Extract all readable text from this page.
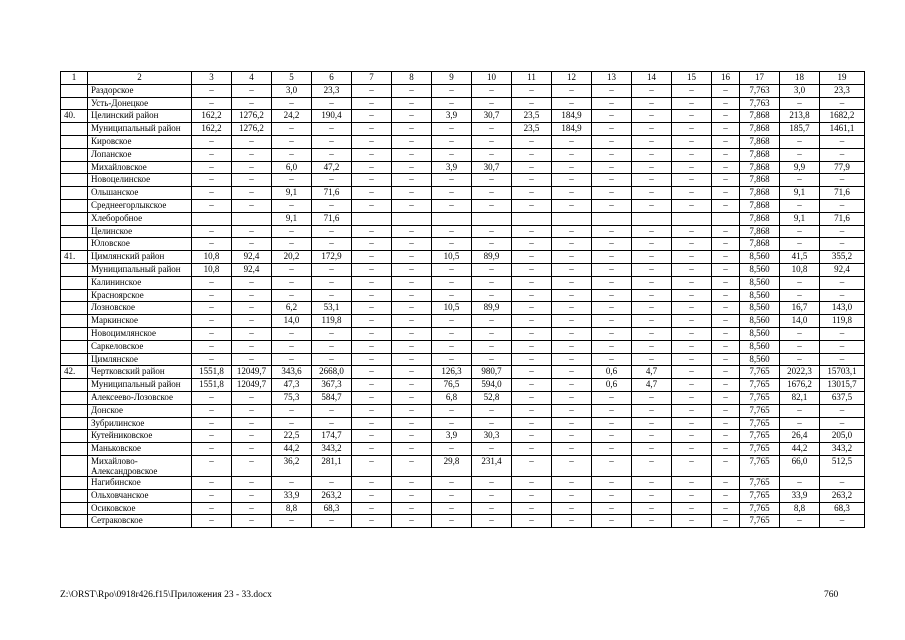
1	2	3	4	5	6	7	8	9	10	11	12	13	14	15	16	17	18	19
	Раздорское	–	–	3,0	23,3	–	–	–	–	–	–	–	–	–	–	7,763	3,0	23,3
	Усть-Донецкое	–	–	–	–	–	–	–	–	–	–	–	–	–	–	7,763	–	–
40.	Целинский район	162,2	1276,2	24,2	190,4	–	–	3,9	30,7	23,5	184,9	–	–	–	–	7,868	213,8	1682,2
	Муниципальный район	162,2	1276,2	–	–	–	–	–	–	23,5	184,9	–	–	–	–	7,868	185,7	1461,1
	Кировское	–	–	–	–	–	–	–	–	–	–	–	–	–	–	7,868	–	–
	Лопанское	–	–	–	–	–	–	–	–	–	–	–	–	–	–	7,868	–	–
	Михайловское	–	–	6,0	47,2	–	–	3,9	30,7	–	–	–	–	–	–	7,868	9,9	77,9
	Новоцелинское	–	–	–	–	–	–	–	–	–	–	–	–	–	–	7,868	–	–
	Ольшанское	–	–	9,1	71,6	–	–	–	–	–	–	–	–	–	–	7,868	9,1	71,6
	Среднеегорлыкское	–	–	–	–	–	–	–	–	–	–	–	–	–	–	7,868	–	–
	Хлеборобное			9,1	71,6											7,868	9,1	71,6
	Целинское	–	–	–	–	–	–	–	–	–	–	–	–	–	–	7,868	–	–
	Юловское	–	–	–	–	–	–	–	–	–	–	–	–	–	–	7,868	–	–
41.	Цимлянский район	10,8	92,4	20,2	172,9	–	–	10,5	89,9	–	–	–	–	–	–	8,560	41,5	355,2
	Муниципальный район	10,8	92,4	–	–	–	–	–	–	–	–	–	–	–	–	8,560	10,8	92,4
	Калининское	–	–	–	–	–	–	–	–	–	–	–	–	–	–	8,560	–	–
	Красноярское	–	–	–	–	–	–	–	–	–	–	–	–	–	–	8,560	–	–
	Лозновское	–	–	6,2	53,1	–	–	10,5	89,9	–	–	–	–	–	–	8,560	16,7	143,0
	Маркинское	–	–	14,0	119,8	–	–	–	–	–	–	–	–	–	–	8,560	14,0	119,8
	Новоцимлянское	–	–	–	–	–	–	–	–	–	–	–	–	–	–	8,560	–	–
	Саркеловское	–	–	–	–	–	–	–	–	–	–	–	–	–	–	8,560	–	–
	Цимлянское	–	–	–	–	–	–	–	–	–	–	–	–	–	–	8,560	–	–
42.	Чертковский район	1551,8	12049,7	343,6	2668,0	–	–	126,3	980,7	–	–	0,6	4,7	–	–	7,765	2022,3	15703,1
	Муниципальный район	1551,8	12049,7	47,3	367,3	–	–	76,5	594,0	–	–	0,6	4,7	–	–	7,765	1676,2	13015,7
	Алексеево-Лозовское	–	–	75,3	584,7	–	–	6,8	52,8	–	–	–	–	–	–	7,765	82,1	637,5
	Донское	–	–	–	–	–	–	–	–	–	–	–	–	–	–	7,765	–	–
	Зубрилинское	–	–	–	–	–	–	–	–	–	–	–	–	–	–	7,765	–	–
	Кутейниковское	–	–	22,5	174,7	–	–	3,9	30,3	–	–	–	–	–	–	7,765	26,4	205,0
	Маньковское	–	–	44,2	343,2	–	–	–	–	–	–	–	–	–	–	7,765	44,2	343,2
	Михайлово-Александровское	–	–	36,2	281,1	–	–	29,8	231,4	–	–	–	–	–	–	7,765	66,0	512,5
	Нагибинское	–	–	–	–	–	–	–	–	–	–	–	–	–	–	7,765	–	–
	Ольховчанское	–	–	33,9	263,2	–	–	–	–	–	–	–	–	–	–	7,765	33,9	263,2
	Осиковское	–	–	8,8	68,3	–	–	–	–	–	–	–	–	–	–	7,765	8,8	68,3
	Сетраковское	–	–	–	–	–	–	–	–	–	–	–	–	–	–	7,765	–	–
Z:\ORST\Rpo\0918r426.f15\Приложения 23 - 33.docx	760
